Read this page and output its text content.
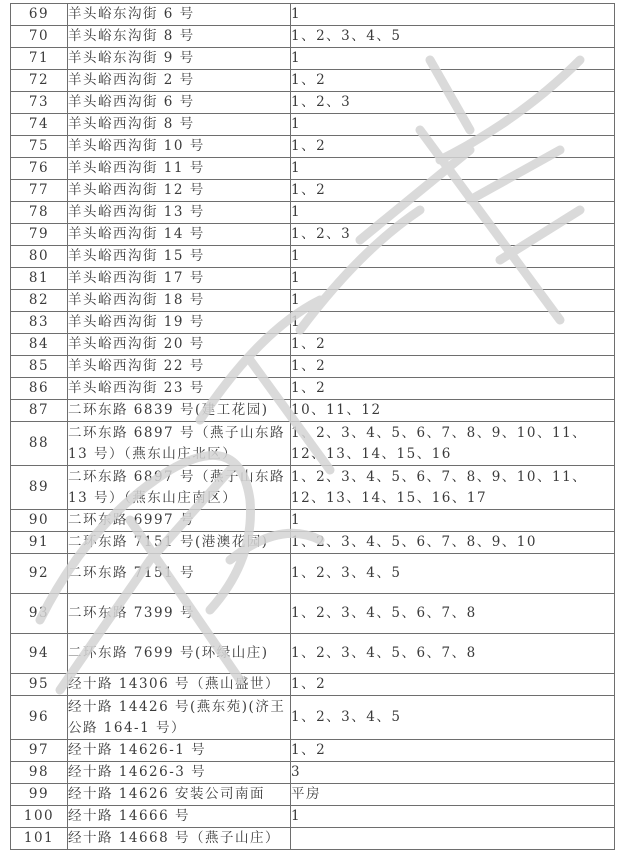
69	羊头峪东沟街 6 号	1
70	羊头峪东沟街 8 号	1、2、3、4、5
71	羊头峪东沟街 9 号	1
72	羊头峪西沟街 2 号	1、2
73	羊头峪西沟街 6 号	1、2、3
74	羊头峪西沟街 8 号	1
75	羊头峪西沟街 10 号	1、2
76	羊头峪西沟街 11 号	1
77	羊头峪西沟街 12 号	1、2
78	羊头峪西沟街 13 号	1
79	羊头峪西沟街 14 号	1、2、3
80	羊头峪西沟街 15 号	1
81	羊头峪西沟街 17 号	1
82	羊头峪西沟街 18 号	1
83	羊头峪西沟街 19 号	1
84	羊头峪西沟街 20 号	1、2
85	羊头峪西沟街 22 号	1、2
86	羊头峪西沟街 23 号	1、2
87	二环东路 6839 号(建工花园)	10、11、12
88	二环东路 6897 号（燕子山东路 13 号）（燕东山庄北区）	1、2、3、4、5、6、7、8、9、10、11、12、13、14、15、16
89	二环东路 6897 号（燕子山东路 13 号）（燕东山庄南区）	1、2、3、4、5、6、7、8、9、10、11、12、13、14、15、16、17
90	二环东路 6997 号	1
91	二环东路 7151 号(港澳花园)	1、2、3、4、5、6、7、8、9、10
92	二环东路 7151 号	1、2、3、4、5
93	二环东路 7399 号	1、2、3、4、5、6、7、8
94	二环东路 7699 号(环绿山庄)	1、2、3、4、5、6、7、8
95	经十路 14306 号（燕山盛世）	1、2
96	经十路 14426 号(燕东苑)(济王公路 164-1 号）	1、2、3、4、5
97	经十路 14626-1 号	1、2
98	经十路 14626-3 号	3
99	经十路 14626 安装公司南面	平房
100	经十路 14666 号	1
101	经十路 14668 号（燕子山庄）	
